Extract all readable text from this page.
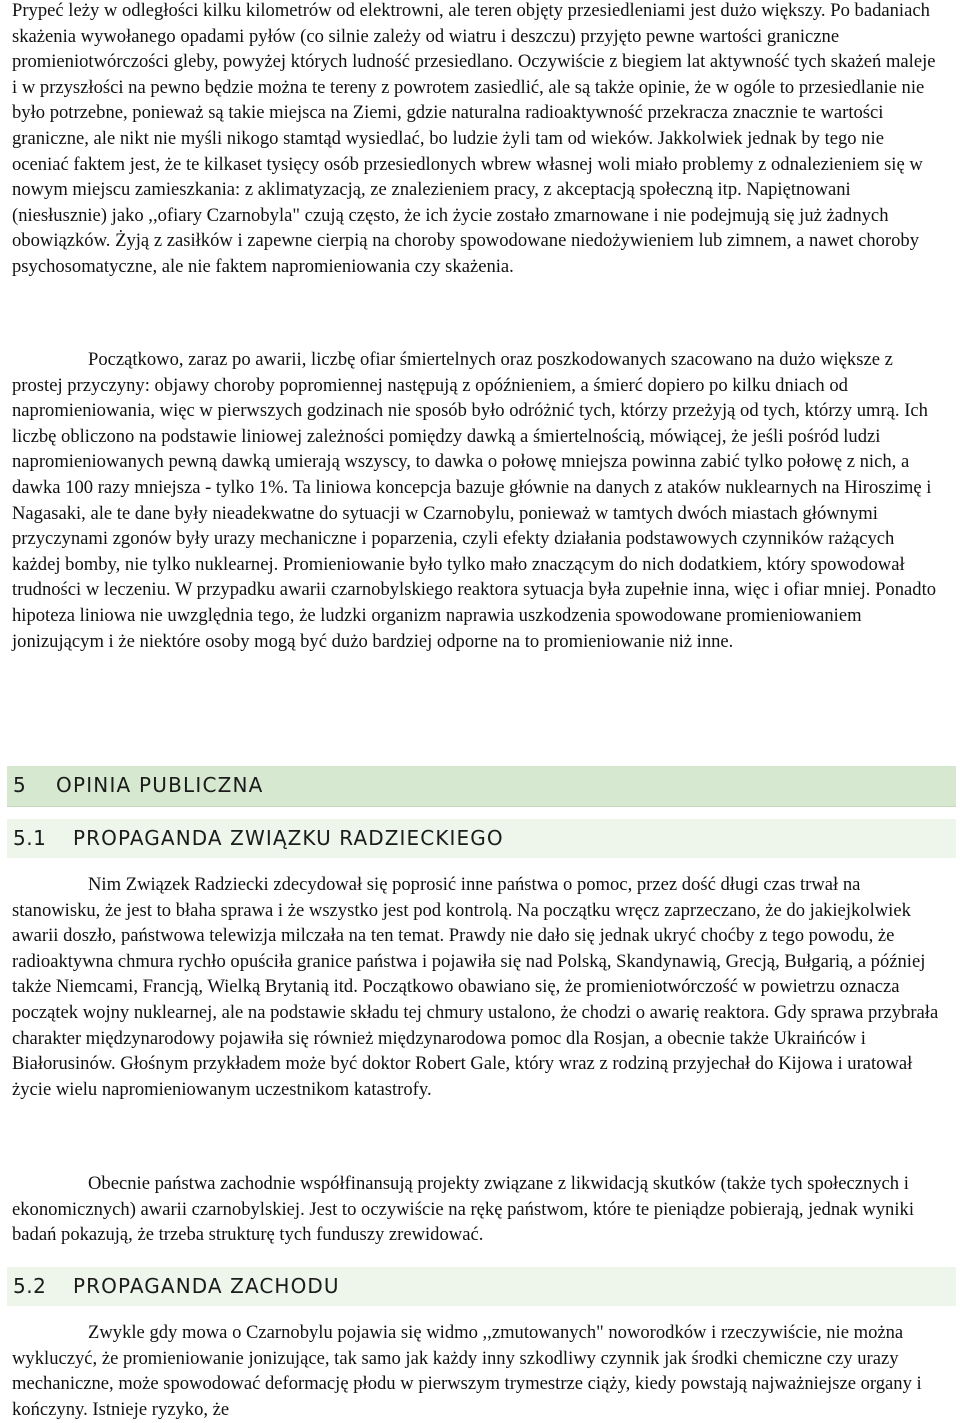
Prypeć leży w odległości kilku kilometrów od elektrowni, ale teren objęty przesiedleniami jest dużo większy. Po badaniach skażenia wywołanego opadami pyłów (co silnie zależy od wiatru i deszczu) przyjęto pewne wartości graniczne promieniotwórczości gleby, powyżej których ludność przesiedlano. Oczywiście z biegiem lat aktywność tych skażeń maleje i w przyszłości na pewno będzie można te tereny z powrotem zasiedlić, ale są także opinie, że w ogóle to przesiedlanie nie było potrzebne, ponieważ są takie miejsca na Ziemi, gdzie naturalna radioaktywność przekracza znacznie te wartości graniczne, ale nikt nie myśli nikogo stamtąd wysiedlać, bo ludzie żyli tam od wieków. Jakkolwiek jednak by tego nie oceniać faktem jest, że te kilkaset tysięcy osób przesiedlonych wbrew własnej woli miało problemy z odnalezieniem się w nowym miejscu zamieszkania: z aklimatyzacją, ze znalezieniem pracy, z akceptacją społeczną itp. Napiętnowani (niesłusznie) jako ,,ofiary Czarnobyla" czują często, że ich życie zostało zmarnowane i nie podejmują się już żadnych obowiązków. Żyją z zasiłków i zapewne cierpią na choroby spowodowane niedożywieniem lub zimnem, a nawet choroby psychosomatyczne, ale nie faktem napromieniowania czy skażenia.

Początkowo, zaraz po awarii, liczbę ofiar śmiertelnych oraz poszkodowanych szacowano na dużo większe z prostej przyczyny: objawy choroby popromiennej następują z opóźnieniem, a śmierć dopiero po kilku dniach od napromieniowania, więc w pierwszych godzinach nie sposób było odróżnić tych, którzy przeżyją od tych, którzy umrą. Ich liczbę obliczono na podstawie liniowej zależności pomiędzy dawką a śmiertelnością, mówiącej, że jeśli pośród ludzi napromieniowanych pewną dawką umierają wszyscy, to dawka o połowę mniejsza powinna zabić tylko połowę z nich, a dawka 100 razy mniejsza - tylko 1%. Ta liniowa koncepcja bazuje głównie na danych z ataków nuklearnych na Hiroszimę i Nagasaki, ale te dane były nieadekwatne do sytuacji w Czarnobylu, ponieważ w tamtych dwóch miastach głównymi przyczynami zgonów były urazy mechaniczne i poparzenia, czyli efekty działania podstawowych czynników rażących każdej bomby, nie tylko nuklearnej. Promieniowanie było tylko mało znaczącym do nich dodatkiem, który spowodował trudności w leczeniu. W przypadku awarii czarnobylskiego reaktora sytuacja była zupełnie inna, więc i ofiar mniej. Ponadto hipoteza liniowa nie uwzględnia tego, że ludzki organizm naprawia uszkodzenia spowodowane promieniowaniem jonizującym i że niektóre osoby mogą być dużo bardziej odporne na to promieniowanie niż inne.

5 OPINIA PUBLICZNA
5.1 PROPAGANDA ZWIĄZKU RADZIECKIEGO

Nim Związek Radziecki zdecydował się poprosić inne państwa o pomoc, przez dość długi czas trwał na stanowisku, że jest to błaha sprawa i że wszystko jest pod kontrolą. Na początku wręcz zaprzeczano, że do jakiejkolwiek awarii doszło, państwowa telewizja milczała na ten temat. Prawdy nie dało się jednak ukryć choćby z tego powodu, że radioaktywna chmura rychło opuściła granice państwa i pojawiła się nad Polską, Skandynawią, Grecją, Bułgarią, a później także Niemcami, Francją, Wielką Brytanią itd. Początkowo obawiano się, że promieniotwórczość w powietrzu oznacza początek wojny nuklearnej, ale na podstawie składu tej chmury ustalono, że chodzi o awarię reaktora. Gdy sprawa przybrała charakter międzynarodowy pojawiła się również międzynarodowa pomoc dla Rosjan, a obecnie także Ukraińców i Białorusinów. Głośnym przykładem może być doktor Robert Gale, który wraz z rodziną przyjechał do Kijowa i uratował życie wielu napromieniowanym uczestnikom katastrofy.

Obecnie państwa zachodnie współfinansują projekty związane z likwidacją skutków (także tych społecznych i ekonomicznych) awarii czarnobylskiej. Jest to oczywiście na rękę państwom, które te pieniądze pobierają, jednak wyniki badań pokazują, że trzeba strukturę tych funduszy zrewidować.

5.2 PROPAGANDA ZACHODU

Zwykle gdy mowa o Czarnobylu pojawia się widmo ,,zmutowanych" noworodków i rzeczywiście, nie można wykluczyć, że promieniowanie jonizujące, tak samo jak każdy inny szkodliwy czynnik jak środki chemiczne czy urazy mechaniczne, może spowodować deformację płodu w pierwszym trymestrze ciąży, kiedy powstają najważniejsze organy i kończyny. Istnieje ryzyko, że
